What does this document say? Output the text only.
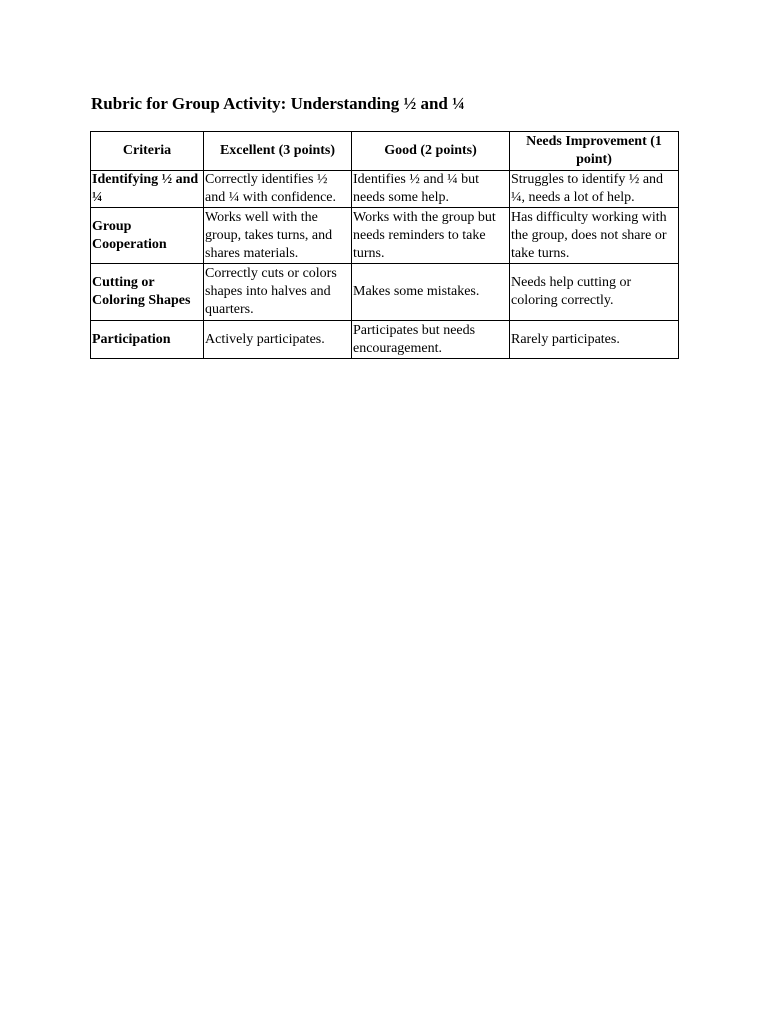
Rubric for Group Activity: Understanding ½ and ¼
Criteria	Excellent (3 points)	Good (2 points)	Needs Improvement (1 point)
Identifying ½ and ¼	Correctly identifies ½ and ¼ with confidence.	Identifies ½ and ¼ but needs some help.	Struggles to identify ½ and ¼, needs a lot of help.
Group Cooperation	Works well with the group, takes turns, and shares materials.	Works with the group but needs reminders to take turns.	Has difficulty working with the group, does not share or take turns.
Cutting or Coloring Shapes	Correctly cuts or colors shapes into halves and quarters.	Makes some mistakes.	Needs help cutting or coloring correctly.
Participation	Actively participates.	Participates but needs encouragement.	Rarely participates.
